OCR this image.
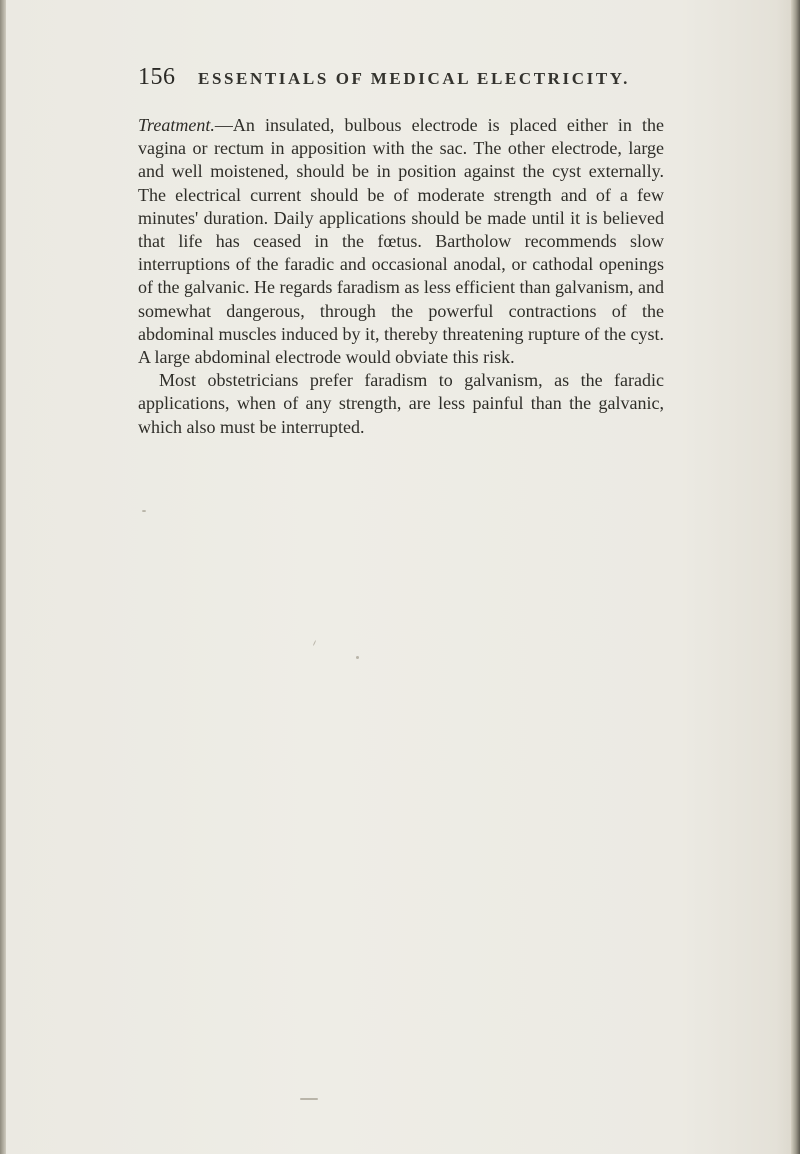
156	ESSENTIALS OF MEDICAL ELECTRICITY.

Treatment.—An insulated, bulbous electrode is placed either in the vagina or rectum in apposition with the sac. The other electrode, large and well moistened, should be in position against the cyst externally. The electrical current should be of moderate strength and of a few minutes' duration. Daily applications should be made until it is believed that life has ceased in the fœtus. Bartholow recommends slow interruptions of the faradic and occasional anodal, or cathodal openings of the galvanic. He regards faradism as less efficient than galvanism, and somewhat dangerous, through the powerful contractions of the abdominal muscles induced by it, thereby threatening rupture of the cyst. A large abdominal electrode would obviate this risk.

Most obstetricians prefer faradism to galvanism, as the faradic applications, when of any strength, are less painful than the galvanic, which also must be interrupted.
